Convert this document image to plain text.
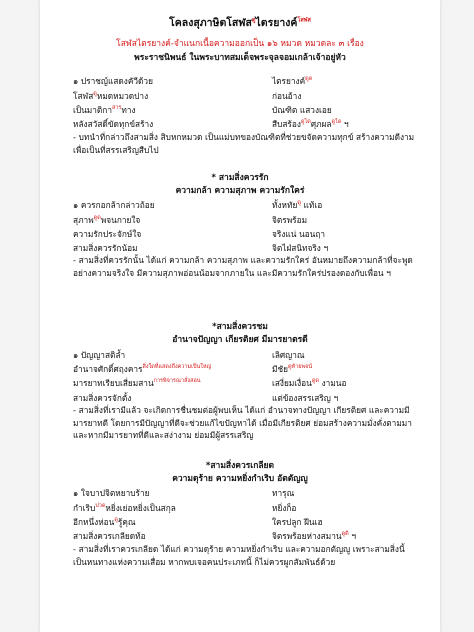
โคลงสุภาษิตโสฬส$^{ดู}$ไตรยางค์$^{โสฬส}$
โสฬสไตรยางค์-จำแนกเนื้อความออกเป็น ๑๖ หมวด หมวดละ ๓ เรื่อง
พระราชนิพนธ์ ในพระบาทสมเด็จพระจุลจอมเกล้าเจ้าอยู่หัว
๑ ปราชญ์แสดงคัวีด้วย	ไตรยางค์$^{ดูด}$
โสฬส$^{ดู}$หมดหมวดปาง	ก่อนอ้าง
เป็นมาติกา$^{สาร}$ทาง	บัณฑิต แสวงเอย
หลังสวัสดิ์ขัดทุกข์สร้าง	สืบสร้อง$^{ดูได}$ศุภผล$^{ดูได}$ ฯ
- บทนำที่กล่าวถึงสามสิ่ง สิบหกหมวด เป็นแม่บทของบัณฑิตที่ช่วยขจัดความทุกข์ สร้างความดีงามเพื่อเป็นที่สรรเสริญสืบไป
* สามสิ่งควรรัก
ความกล้า ความสุภาพ ความรักใคร่
๑ ควรกอกล้ากล่าวถ้อย	ทั้งหทัย$^{ดู}$ แท้เอ
สุภาพ$^{ดูด}$พจนกายใจ	จิตรพร้อม
ความรักประจักษ์ใจ	จริงแน่ นอนฤา
สามสิ่งควรรักน้อม	จิตไฝ่สนิทจริง ฯ
- สามสิ่งที่ควรรักนั้น ได้แก่ ความกล้า ความสุภาพ และความรักใคร่ อันหมายถึงความกล้าที่จะพูดอย่างความจริงใจ มีความสุภาพอ่อนน้อมจากภายใน และมีความรักใคร่ปรองดองกับเพื่อน ฯ
*สามสิ่งควรชม
อำนาจปัญญา เกียรติยศ มีมารยาตรดี
๑ ปัญญาสติล้ำ	เลิศญาณ
อำนาจศักดิ์ศฤงคาร$^{สิ่งใดที่แสดงถึงความเป็นใหญ่}$	มีชัย$^{ดูท้ายพจน์}$
มารยาทเรียบเสี่ยมสาน$^{การพิจารณาสั่งสอน}$	เสงี่ยมเงื่อน$^{ดูด}$ งามนอ
สามสิ่งควรจักตั้ง	แต่ข้องสรรเสริญ ฯ
- สามสิ่งที่เรามีแล้ว จะเกิดการชื่นชมต่อผู้พบเห็น ได้แก่ อำนาจทางปัญญา เกียรติยศ และความมีมารยาทดี โดยการมีปัญญาที่ดีจะช่วยแก้ไขปัญหาได้ เมื่อมีเกียรติยศ ย่อมสร้างความมั่งคั่งตามมา และหากมีมารยาทที่ดีและสง่างาม ย่อมมีผู้สรรเสริญ
*สามสิ่งควรเกลียด
ความดุร้าย ความหยิ่งกำเริบ อัตตัญญู
๑ ใจบาปจิตหยาบร้าย	ทารุณ
กำเริบ$^{ปวด}$หยิ่งเย่อหยิ่งเป็นสกุล	หยิ่งก็อ
อีกหนึ่งห่อน$^{ดู}$รู้คุณ	ใครปลูก ฝีนเฮ
สามสิ่งควรเกลียดท้อ	จิตรพร้อยห่างสมาน$^{ดูดิ}$ ฯ
- สามสิ่งที่เราควรเกลียด ได้แก่ ความดุร้าย ความหยิ่งกำเริบ และความอกตัญญู เพราะสามสิ่งนี้ เป็นหนทางแห่งความเสื่อม หากพบเจอคนประเภทนี้ ก็ไม่ควรผูกสัมพันธ์ด้วย
